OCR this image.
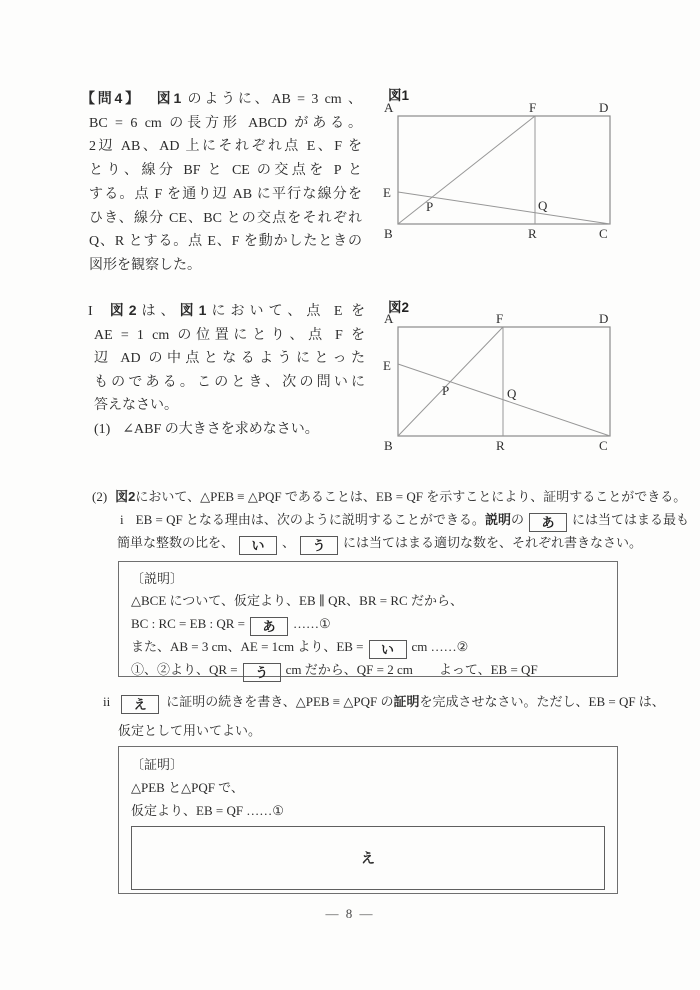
【問4】 図1 のように、AB = 3 cm 、
BC = 6 cm の長方形 ABCD がある。
2辺 AB、AD 上にそれぞれ点 E、F を
とり、線分 BF と CE の交点を P と
する。点 F を通り辺 AB に平行な線分を
ひき、線分 CE、BC との交点をそれぞれ
Q、R とする。点 E、F を動かしたときの
図形を観察した。
図1
A	F	D
E
P	Q
B	R	C
I 図2は、図1において、点 E を
AE = 1 cm の位置にとり、点 F を
辺 AD の中点となるようにとった
ものである。このとき、次の問いに
答えなさい。
(1) ∠ABF の大きさを求めなさい。
図2
A	F	D
E
P	Q
B	R	C
(2) 図2において、△PEB ≡ △PQF であることは、EB = QF を示すことにより、証明することができる。
i EB = QF となる理由は、次のように説明することができる。説明の あ には当てはまる最も
簡単な整数の比を、 い 、 う には当てはまる適切な数を、それぞれ書きなさい。
〔説明〕
△BCE について、仮定より、EB ∥ QR、BR = RC だから、
BC : RC = EB : QR = あ ……①
また、AB = 3 cm、AE = 1cm より、EB = い cm ……②
①、②より、QR = う cm だから、QF = 2 cm よって、EB = QF
ii え に証明の続きを書き、△PEB ≡ △PQF の証明を完成させなさい。ただし、EB = QF は、
仮定として用いてよい。
〔証明〕
△PEB と△PQF で、
仮定より、EB = QF ……①
え
— 8 —
